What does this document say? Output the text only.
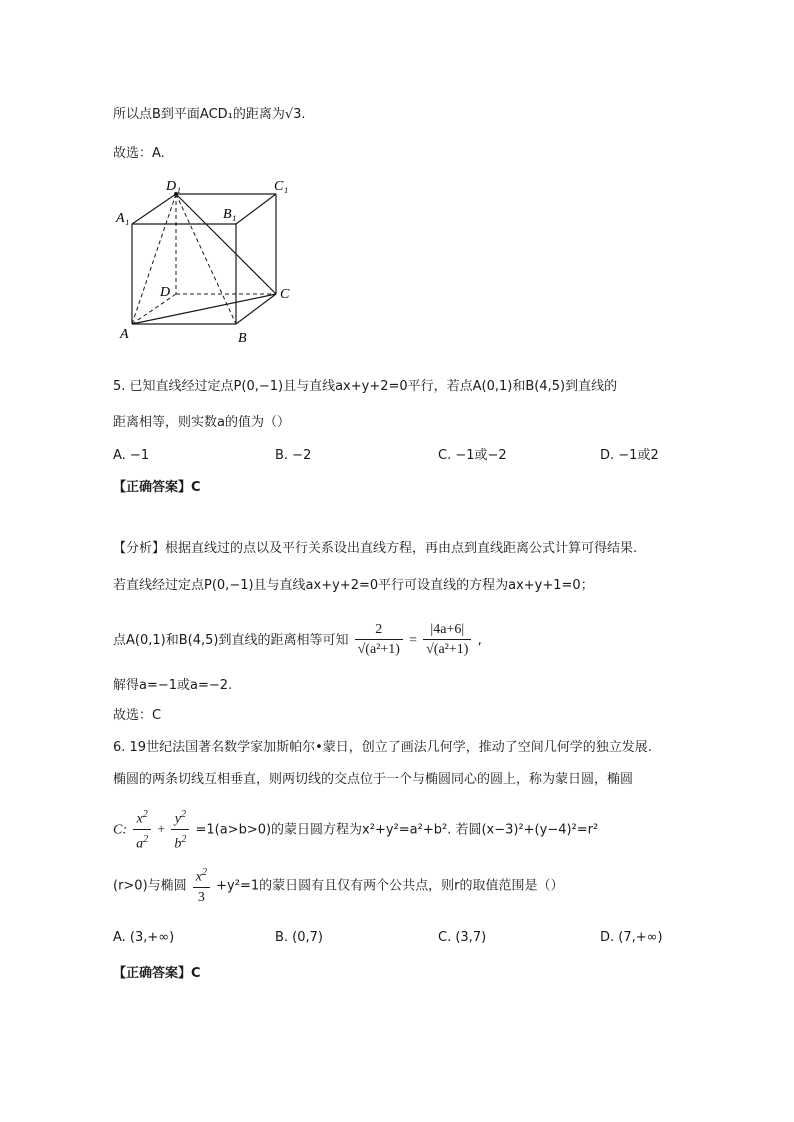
所以点B到平面ACD₁的距离为√3.
故选：A.
D₁	C₁
A₁	B₁
D	C
A	B
5. 已知直线经过定点P(0,−1)且与直线ax+y+2=0平行，若点A(0,1)和B(4,5)到直线的
距离相等，则实数a的值为（）
A. −1	B. −2	C. −1或−2	D. −1或2
【正确答案】C
【分析】根据直线过的点以及平行关系设出直线方程，再由点到直线距离公式计算可得结果.
若直线经过定点P(0,−1)且与直线ax+y+2=0平行可设直线的方程为ax+y+1=0；
点A(0,1)和B(4,5)到直线的距离相等可知 $\frac{2}{\text{√(a²+1)}} = \frac{|4a+6|}{\text{√(a²+1)}}$ ,
解得a=−1或a=−2.
故选：C
6. 19世纪法国著名数学家加斯帕尔•蒙日，创立了画法几何学，推动了空间几何学的独立发展.
椭圆的两条切线互相垂直，则两切线的交点位于一个与椭圆同心的圆上，称为蒙日圆，椭圆
C: $\frac{x^2}{a^2} + \frac{y^2}{b^2} =1(a>b>0)$的蒙日圆方程为x²+y²=a²+b². 若圆(x−3)²+(y−4)²=r²
(r>0)与椭圆 $\frac{x^2}{3} +y^2=1$的蒙日圆有且仅有两个公共点，则r的取值范围是（）
A. (3,+∞)	B. (0,7)	C. (3,7)	D. (7,+∞)
【正确答案】C
